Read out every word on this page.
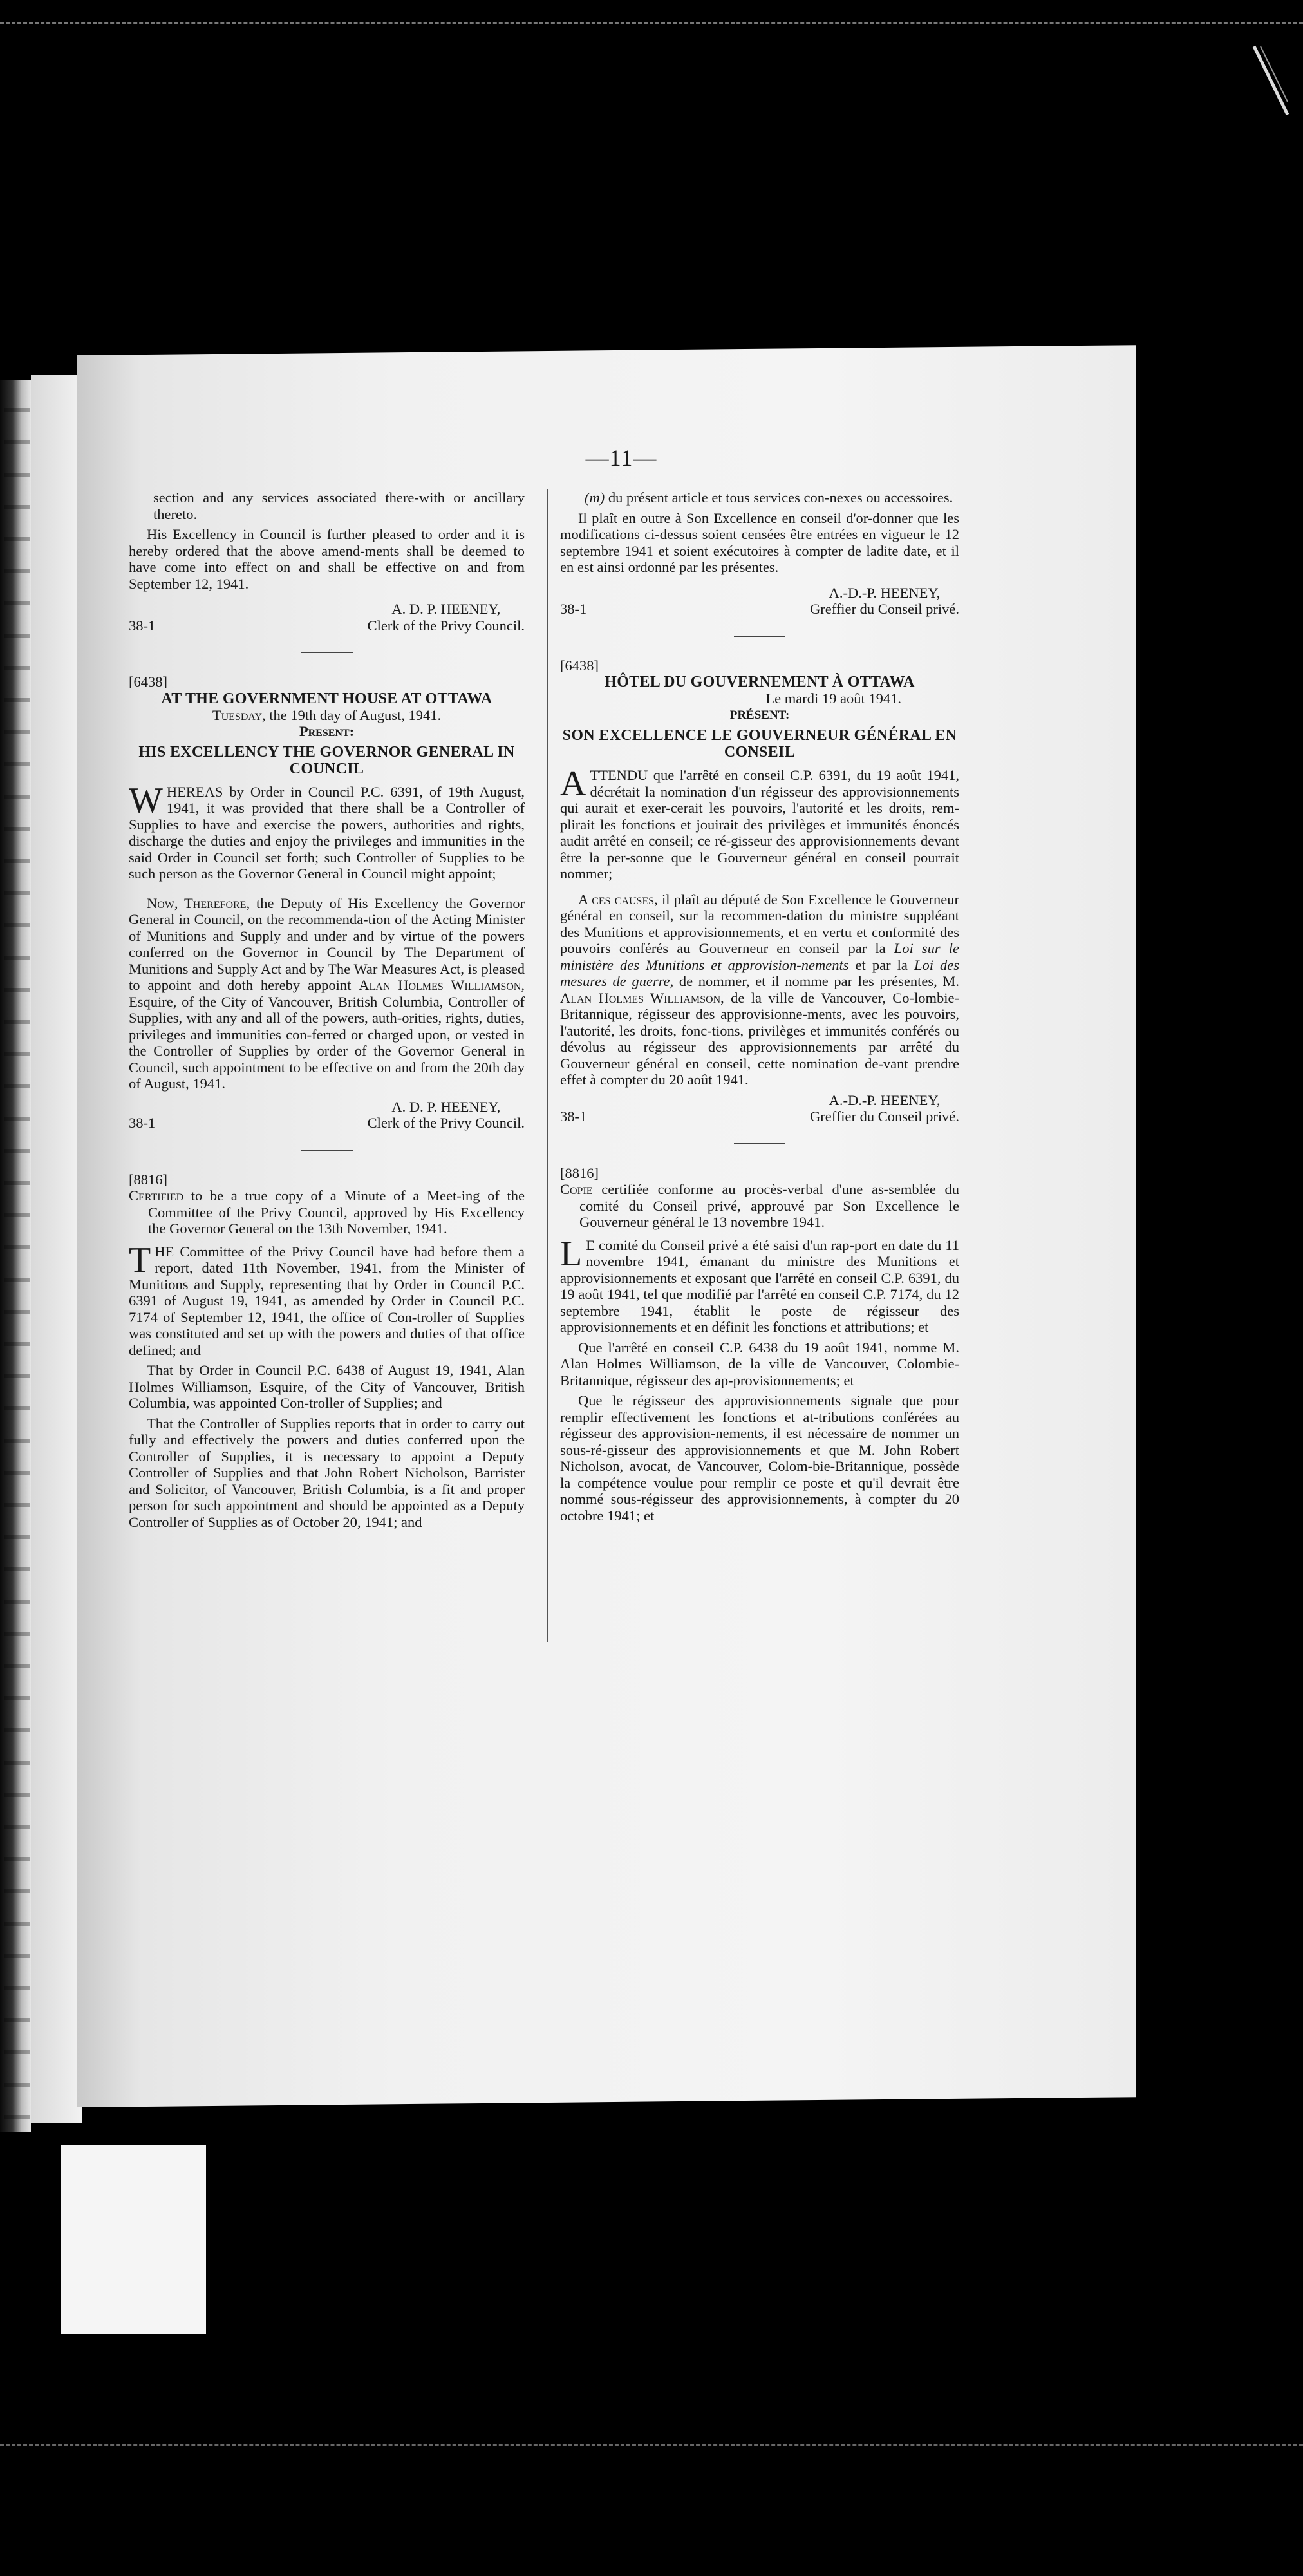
—11—

section and any services associated there-with or ancillary thereto.

His Excellency in Council is further pleased to order and it is hereby ordered that the above amend-ments shall be deemed to have come into effect on and shall be effective on and from September 12, 1941.

38-1
A. D. P. HEENEY,
Clerk of the Privy Council.

[6438]

AT THE GOVERNMENT HOUSE AT OTTAWA

Tuesday, the 19th day of August, 1941.

Present:

HIS EXCELLENCY THE GOVERNOR GENERAL IN COUNCIL

WHEREAS by Order in Council P.C. 6391, of 19th August, 1941, it was provided that there shall be a Controller of Supplies to have and exercise the powers, authorities and rights, discharge the duties and enjoy the privileges and immunities in the said Order in Council set forth; such Controller of Supplies to be such person as the Governor General in Council might appoint;

Now, Therefore, the Deputy of His Excellency the Governor General in Council, on the recommenda-tion of the Acting Minister of Munitions and Supply and under and by virtue of the powers conferred on the Governor in Council by The Department of Munitions and Supply Act and by The War Measures Act, is pleased to appoint and doth hereby appoint Alan Holmes Williamson, Esquire, of the City of Vancouver, British Columbia, Controller of Supplies, with any and all of the powers, auth-orities, rights, duties, privileges and immunities con-ferred or charged upon, or vested in the Controller of Supplies by order of the Governor General in Council, such appointment to be effective on and from the 20th day of August, 1941.

38-1
A. D. P. HEENEY,
Clerk of the Privy Council.

[8816]

Certified to be a true copy of a Minute of a Meet-ing of the Committee of the Privy Council, approved by His Excellency the Governor General on the 13th November, 1941.

THE Committee of the Privy Council have had before them a report, dated 11th November, 1941, from the Minister of Munitions and Supply, representing that by Order in Council P.C. 6391 of August 19, 1941, as amended by Order in Council P.C. 7174 of September 12, 1941, the office of Con-troller of Supplies was constituted and set up with the powers and duties of that office defined; and

That by Order in Council P.C. 6438 of August 19, 1941, Alan Holmes Williamson, Esquire, of the City of Vancouver, British Columbia, was appointed Con-troller of Supplies; and

That the Controller of Supplies reports that in order to carry out fully and effectively the powers and duties conferred upon the Controller of Supplies, it is necessary to appoint a Deputy Controller of Supplies and that John Robert Nicholson, Barrister and Solicitor, of Vancouver, British Columbia, is a fit and proper person for such appointment and should be appointed as a Deputy Controller of Supplies as of October 20, 1941; and

(m) du présent article et tous services con-nexes ou accessoires.

Il plaît en outre à Son Excellence en conseil d'or-donner que les modifications ci-dessus soient censées être entrées en vigueur le 12 septembre 1941 et soient exécutoires à compter de ladite date, et il en est ainsi ordonné par les présentes.

38-1
A.-D.-P. HEENEY,
Greffier du Conseil privé.

[6438]

HÔTEL DU GOUVERNEMENT À OTTAWA

Le mardi 19 août 1941.

PRÉSENT:

SON EXCELLENCE LE GOUVERNEUR GÉNÉRAL EN CONSEIL

ATTENDU que l'arrêté en conseil C.P. 6391, du 19 août 1941, décrétait la nomination d'un régisseur des approvisionnements qui aurait et exer-cerait les pouvoirs, l'autorité et les droits, rem-plirait les fonctions et jouirait des privilèges et immunités énoncés audit arrêté en conseil; ce ré-gisseur des approvisionnements devant être la per-sonne que le Gouverneur général en conseil pourrait nommer;

A ces causes, il plaît au député de Son Excellence le Gouverneur général en conseil, sur la recommen-dation du ministre suppléant des Munitions et approvisionnements, et en vertu et conformité des pouvoirs conférés au Gouverneur en conseil par la Loi sur le ministère des Munitions et approvision-nements et par la Loi des mesures de guerre, de nommer, et il nomme par les présentes, M. Alan Holmes Williamson, de la ville de Vancouver, Co-lombie-Britannique, régisseur des approvisionne-ments, avec les pouvoirs, l'autorité, les droits, fonc-tions, privilèges et immunités conférés ou dévolus au régisseur des approvisionnements par arrêté du Gouverneur général en conseil, cette nomination de-vant prendre effet à compter du 20 août 1941.

38-1
A.-D.-P. HEENEY,
Greffier du Conseil privé.

[8816]

Copie certifiée conforme au procès-verbal d'une as-semblée du comité du Conseil privé, approuvé par Son Excellence le Gouverneur général le 13 novembre 1941.

L E comité du Conseil privé a été saisi d'un rap-port en date du 11 novembre 1941, émanant du ministre des Munitions et approvisionnements et exposant que l'arrêté en conseil C.P. 6391, du 19 août 1941, tel que modifié par l'arrêté en conseil C.P. 7174, du 12 septembre 1941, établit le poste de régisseur des approvisionnements et en définit les fonctions et attributions; et

Que l'arrêté en conseil C.P. 6438 du 19 août 1941, nomme M. Alan Holmes Williamson, de la ville de Vancouver, Colombie-Britannique, régisseur des ap-provisionnements; et

Que le régisseur des approvisionnements signale que pour remplir effectivement les fonctions et at-tributions conférées au régisseur des approvision-nements, il est nécessaire de nommer un sous-ré-gisseur des approvisionnements et que M. John Robert Nicholson, avocat, de Vancouver, Colom-bie-Britannique, possède la compétence voulue pour remplir ce poste et qu'il devrait être nommé sous-régisseur des approvisionnements, à compter du 20 octobre 1941; et
